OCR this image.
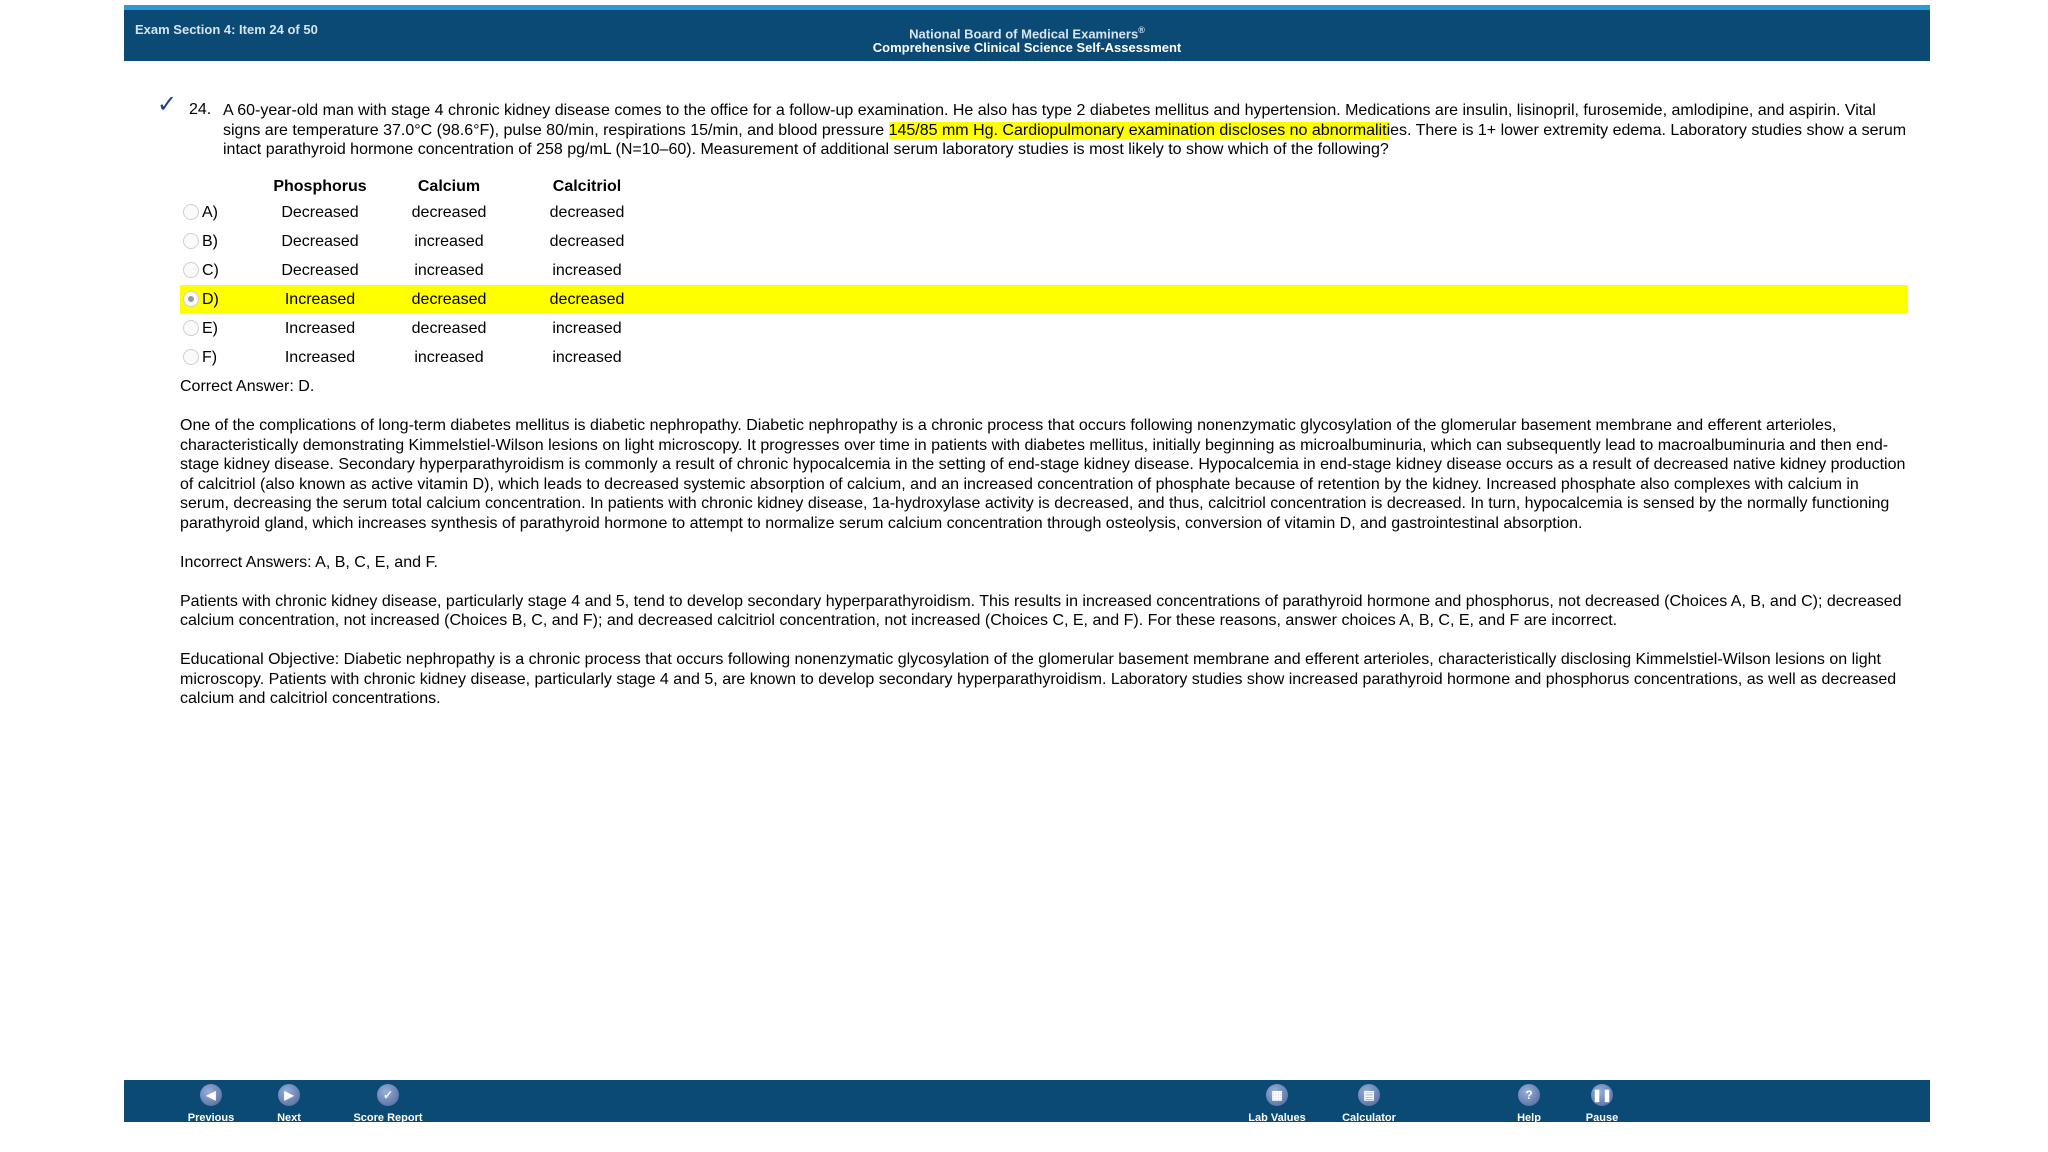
Exam Section 4: Item 24 of 50	National Board of Medical Examiners®
Comprehensive Clinical Science Self-Assessment
✓ 24. A 60-year-old man with stage 4 chronic kidney disease comes to the office for a follow-up examination. He also has type 2 diabetes mellitus and hypertension. Medications are insulin, lisinopril, furosemide, amlodipine, and aspirin. Vital signs are temperature 37.0°C (98.6°F), pulse 80/min, respirations 15/min, and blood pressure 145/85 mm Hg. Cardiopulmonary examination discloses no abnormalities. There is 1+ lower extremity edema. Laboratory studies show a serum intact parathyroid hormone concentration of 258 pg/mL (N=10–60). Measurement of additional serum laboratory studies is most likely to show which of the following?
		Phosphorus	Calcium	Calcitriol	
	A)	Decreased	decreased	decreased	
	B)	Decreased	increased	decreased	
	C)	Decreased	increased	increased	
	D)	Increased	decreased	decreased	
	E)	Increased	decreased	increased	
	F)	Increased	increased	increased	

Correct Answer: D.

One of the complications of long-term diabetes mellitus is diabetic nephropathy. Diabetic nephropathy is a chronic process that occurs following nonenzymatic glycosylation of the glomerular basement membrane and efferent arterioles, characteristically demonstrating Kimmelstiel-Wilson lesions on light microscopy. It progresses over time in patients with diabetes mellitus, initially beginning as microalbuminuria, which can subsequently lead to macroalbuminuria and then end-stage kidney disease. Secondary hyperparathyroidism is commonly a result of chronic hypocalcemia in the setting of end-stage kidney disease. Hypocalcemia in end-stage kidney disease occurs as a result of decreased native kidney production of calcitriol (also known as active vitamin D), which leads to decreased systemic absorption of calcium, and an increased concentration of phosphate because of retention by the kidney. Increased phosphate also complexes with calcium in serum, decreasing the serum total calcium concentration. In patients with chronic kidney disease, 1a-hydroxylase activity is decreased, and thus, calcitriol concentration is decreased. In turn, hypocalcemia is sensed by the normally functioning parathyroid gland, which increases synthesis of parathyroid hormone to attempt to normalize serum calcium concentration through osteolysis, conversion of vitamin D, and gastrointestinal absorption.

Incorrect Answers: A, B, C, E, and F.

Patients with chronic kidney disease, particularly stage 4 and 5, tend to develop secondary hyperparathyroidism. This results in increased concentrations of parathyroid hormone and phosphorus, not decreased (Choices A, B, and C); decreased calcium concentration, not increased (Choices B, C, and F); and decreased calcitriol concentration, not increased (Choices C, E, and F). For these reasons, answer choices A, B, C, E, and F are incorrect.

Educational Objective: Diabetic nephropathy is a chronic process that occurs following nonenzymatic glycosylation of the glomerular basement membrane and efferent arterioles, characteristically disclosing Kimmelstiel-Wilson lesions on light microscopy. Patients with chronic kidney disease, particularly stage 4 and 5, are known to develop secondary hyperparathyroidism. Laboratory studies show increased parathyroid hormone and phosphorus concentrations, as well as decreased calcium and calcitriol concentrations.

◀
Previous
▶
Next
✓
Score Report
▦
Lab Values
▤
Calculator
?
Help
❚❚
Pause
